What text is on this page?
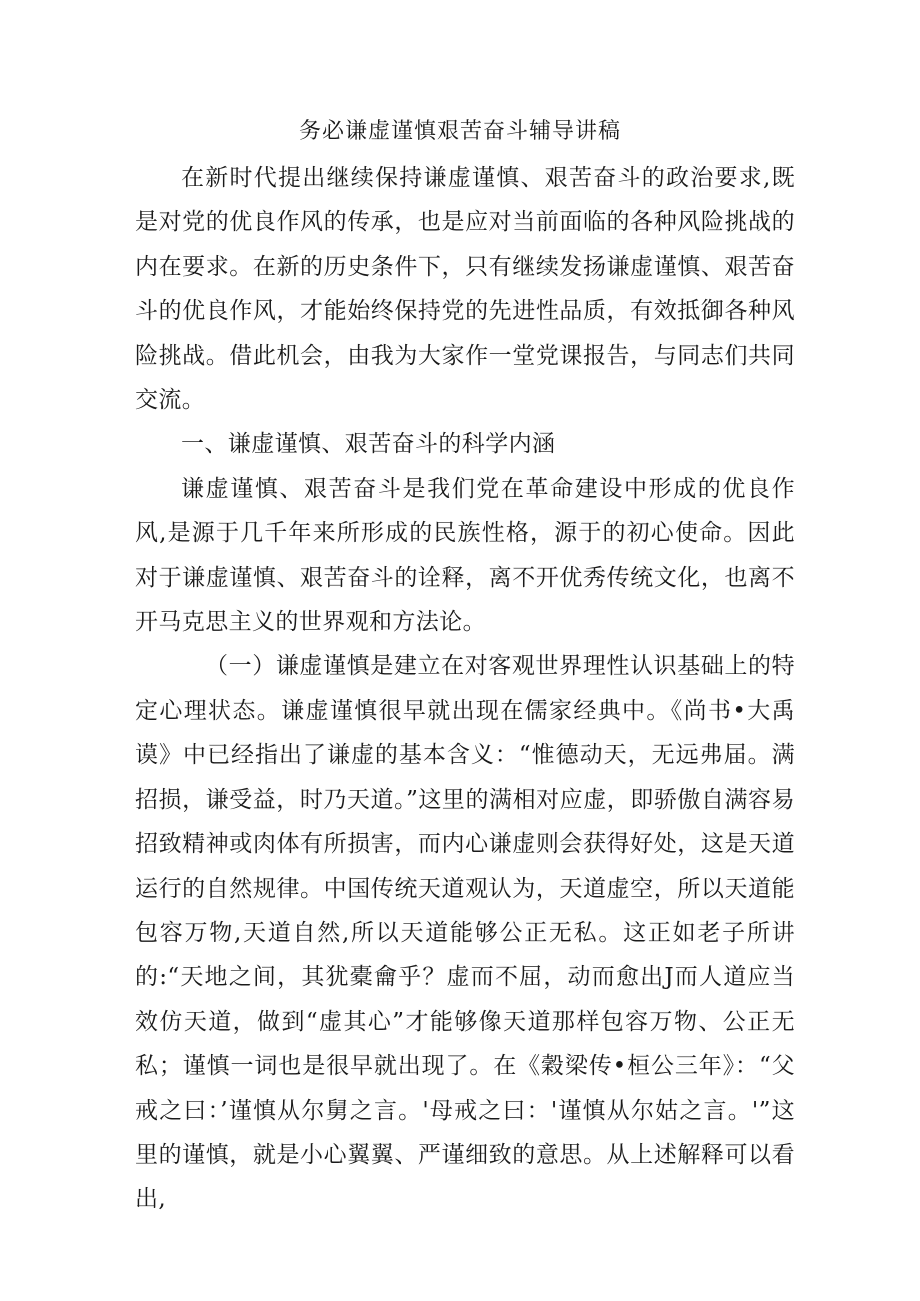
务必谦虚谨慎艰苦奋斗辅导讲稿

在新时代提出继续保持谦虚谨慎、艰苦奋斗的政治要求,既是对党的优良作风的传承，也是应对当前面临的各种风险挑战的内在要求。在新的历史条件下，只有继续发扬谦虚谨慎、艰苦奋斗的优良作风，才能始终保持党的先进性品质，有效抵御各种风险挑战。借此机会，由我为大家作一堂党课报告，与同志们共同交流。

一、谦虚谨慎、艰苦奋斗的科学内涵

谦虚谨慎、艰苦奋斗是我们党在革命建设中形成的优良作风,是源于几千年来所形成的民族性格，源于的初心使命。因此对于谦虚谨慎、艰苦奋斗的诠释，离不开优秀传统文化，也离不开马克思主义的世界观和方法论。

（一）谦虚谨慎是建立在对客观世界理性认识基础上的特定心理状态。谦虚谨慎很早就出现在儒家经典中。《尚书•大禹谟》中已经指出了谦虚的基本含义：“惟德动天，无远弗届。满招损，谦受益，时乃天道。”这里的满相对应虚，即骄傲自满容易招致精神或肉体有所损害，而内心谦虚则会获得好处，这是天道运行的自然规律。中国传统天道观认为，天道虚空，所以天道能包容万物,天道自然,所以天道能够公正无私。这正如老子所讲的:“天地之间，其犹橐龠乎？虚而不屈，动而愈出J而人道应当效仿天道，做到“虚其心”才能够像天道那样包容万物、公正无私；谨慎一词也是很早就出现了。在《穀梁传•桓公三年》：“父戒之曰：’谨慎从尔舅之言。'母戒之曰：'谨慎从尔姑之言。'”这里的谨慎，就是小心翼翼、严谨细致的意思。从上述解释可以看出,
